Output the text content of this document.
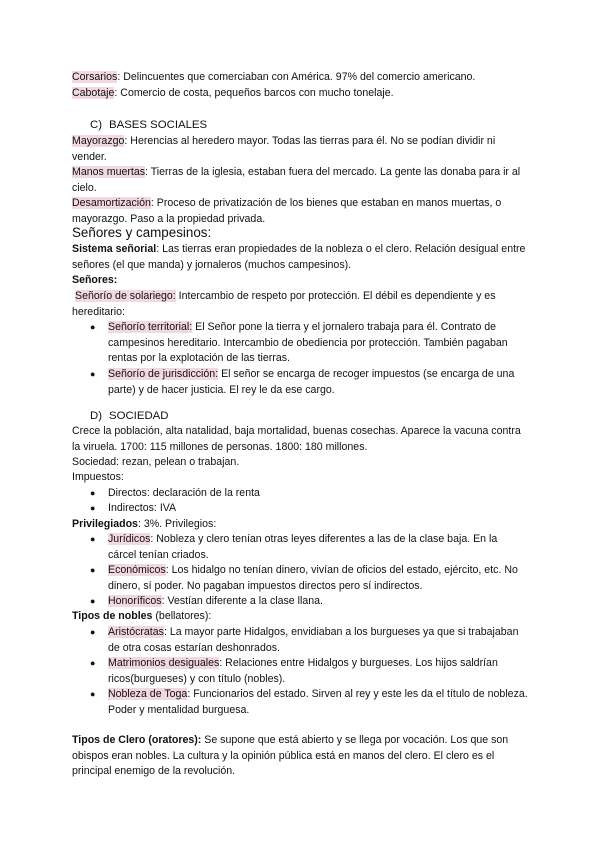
Corsarios: Delincuentes que comerciaban con América. 97% del comercio americano.
Cabotaje: Comercio de costa, pequeños barcos con mucho tonelaje.
C) BASES SOCIALES
Mayorazgo: Herencias al heredero mayor. Todas las tierras para él. No se podían dividir ni vender.
Manos muertas: Tierras de la iglesia, estaban fuera del mercado. La gente las donaba para ir al cielo.
Desamortización: Proceso de privatización de los bienes que estaban en manos muertas, o mayorazgo. Paso a la propiedad privada.
Señores y campesinos:
Sistema señorial: Las tierras eran propiedades de la nobleza o el clero. Relación desigual entre señores (el que manda) y jornaleros (muchos campesinos).
Señores:
Señorío de solariego: Intercambio de respeto por protección. El débil es dependiente y es hereditario:
● Señorío territorial: El Señor pone la tierra y el jornalero trabaja para él. Contrato de campesinos hereditario. Intercambio de obediencia por protección. También pagaban rentas por la explotación de las tierras.
● Señorío de jurisdicción: El señor se encarga de recoger impuestos (se encarga de una parte) y de hacer justicia. El rey le da ese cargo.
D) SOCIEDAD
Crece la población, alta natalidad, baja mortalidad, buenas cosechas. Aparece la vacuna contra la viruela. 1700: 115 millones de personas. 1800: 180 millones.
Sociedad: rezan, pelean o trabajan.
Impuestos:
● Directos: declaración de la renta
● Indirectos: IVA
Privilegiados: 3%. Privilegios:
● Jurídicos: Nobleza y clero tenían otras leyes diferentes a las de la clase baja. En la cárcel tenían criados.
● Económicos: Los hidalgo no tenían dinero, vivían de oficios del estado, ejército, etc. No dinero, sí poder. No pagaban impuestos directos pero sí indirectos.
● Honoríficos: Vestían diferente a la clase llana.
Tipos de nobles (bellatores):
● Aristócratas: La mayor parte Hidalgos, envidiaban a los burgueses ya que si trabajaban de otra cosas estarían deshonrados.
● Matrimonios desiguales: Relaciones entre Hidalgos y burgueses. Los hijos saldrían ricos(burgueses) y con título (nobles).
● Nobleza de Toga: Funcionarios del estado. Sirven al rey y este les da el título de nobleza. Poder y mentalidad burguesa.
Tipos de Clero (oratores): Se supone que está abierto y se llega por vocación. Los que son obispos eran nobles. La cultura y la opinión pública está en manos del clero. El clero es el principal enemigo de la revolución.
